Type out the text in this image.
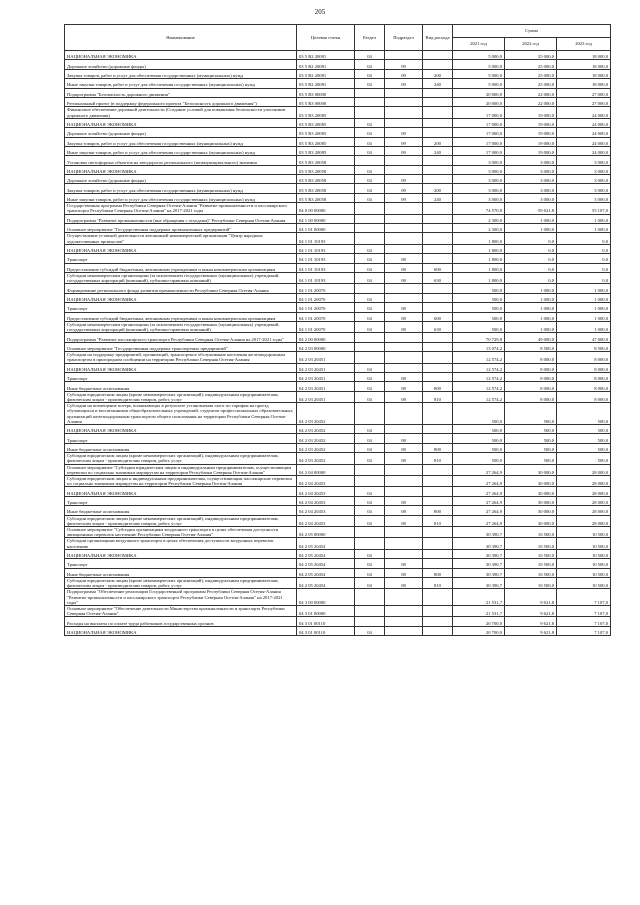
205
Наименование	Целевая статья	Раздел	Подраздел	Вид расхода	Сумма		
					2021 год	2022 год	2023 год
НАЦИОНАЛЬНАЯ ЭКОНОМИКА	03 5 R2 20081	04			5 000,0	25 000,0	18 000,0
Дорожное хозяйство (дорожные фонды)	03 5 R2 20081	04	09		5 000,0	25 000,0	18 000,0
Закупка товаров, работ и услуг для обеспечения государственных (муниципальных) нужд	03 5 R2 20081	04	09	200	5 000,0	25 000,0	18 000,0
Иные закупки товаров, работ и услуг для обеспечения государственных (муниципальных) нужд	03 5 R2 20081	04	09	240	5 000,0	25 000,0	18 000,0
Подпрограмма "Безопасность дорожного движения"	03 5 R3 00000				20 000,0	22 000,0	27 000,0
Региональный проект (в поддержку федерального проекта "Безопасность дорожного движения")	03 5 R3 00000				20 000,0	22 000,0	27 000,0
Финансовое обеспечение дорожной деятельности (Создание условий для повышения безопасности участников дорожного движения)	03 5 R3 20085				17 000,0	19 000,0	24 000,0
НАЦИОНАЛЬНАЯ ЭКОНОМИКА	03 5 R3 20085	04			17 000,0	19 000,0	24 000,0
Дорожное хозяйство (дорожные фонды)	03 5 R3 20085	04	09		17 000,0	19 000,0	24 000,0
Закупка товаров, работ и услуг для обеспечения государственных (муниципальных) нужд	03 5 R3 20085	04	09	200	17 000,0	19 000,0	24 000,0
Иные закупки товаров, работ и услуг для обеспечения государственных (муниципальных) нужд	03 5 R3 20085	04	09	240	17 000,0	19 000,0	24 000,0
Установка светофорных объектов на автодорогах регионального (межмуниципального) значения	03 5 R3 20058				3 000,0	3 000,0	3 000,0
НАЦИОНАЛЬНАЯ ЭКОНОМИКА	03 5 R3 20058	04			3 000,0	3 000,0	3 000,0
Дорожное хозяйство (дорожные фонды)	03 5 R3 20058	04	09		3 000,0	3 000,0	3 000,0
Закупка товаров, работ и услуг для обеспечения государственных (муниципальных) нужд	03 5 R3 20058	04	09	200	3 000,0	3 000,0	3 000,0
Иные закупки товаров, работ и услуг для обеспечения государственных (муниципальных) нужд	03 5 R3 20058	04	09	240	3 000,0	3 000,0	3 000,0
Государственная программа Республики Северная Осетия-Алания "Развитие промышленности и пассажирского транспорта Республики Северная Осетия-Алания" на 2017-2021 годы	04 0 00 00000				74 570,8	59 621,8	55 107,0
Подпрограмма "Развитие промышленности (вне обращения с отходами)" Республики Северная Осетия-Алания	04 1 00 00000				2 300,0	1 000,0	1 000,0
Основное мероприятие "Государственная поддержка промышленных предприятий"	04 1 01 00000				2 300,0	1 000,0	1 000,0
Осуществление уставной деятельности автономной некоммерческой организации "Центр народных художественных промыслов"	04 1 01 10193				1 800,0	0,0	0,0
НАЦИОНАЛЬНАЯ ЭКОНОМИКА	04 1 01 10193	04			1 800,0	0,0	0,0
Транспорт	04 1 01 10193	04	08		1 800,0	0,0	0,0
Предоставление субсидий бюджетным, автономным учреждениям и иным некоммерческим организациям	04 1 01 10193	04	08	600	1 800,0	0,0	0,0
Субсидии некоммерческим организациям (за исключением государственных (муниципальных) учреждений, государственных корпораций (компаний), публично-правовых компаний)	04 1 01 10193	04	08	630	1 800,0	0,0	0,0
Формирование регионального фонда развития промышленности Республики Северная Осетия-Алания	04 1 01 20070				500,0	1 000,0	1 000,0
НАЦИОНАЛЬНАЯ ЭКОНОМИКА	04 1 01 20070	04			500,0	1 000,0	1 000,0
Транспорт	04 1 01 20070	04	08		500,0	1 000,0	1 000,0
Предоставление субсидий бюджетным, автономным учреждениям и иным некоммерческим организациям	04 1 01 20070	04	08	600	500,0	1 000,0	1 000,0
Субсидии некоммерческим организациям (за исключением государственных (муниципальных) учреждений, государственных корпораций (компаний), публично-правовых компаний)	04 1 01 20070	04	08	630	500,0	1 000,0	1 000,0
Подпрограмма "Развитие пассажирского транспорта Республики Северная Осетия-Алания на 2017-2021 годы"	04 2 00 00000				70 729,8	49 000,0	47 000,0
Основное мероприятие "Государственная поддержка транспортных предприятий"	04 2 03 00000				13 074,2	8 500,0	8 500,0
Субсидии на поддержку предприятий, организаций, транспортное обслуживание населения железнодорожным транспортом в пригородном сообщении на территории Республики Северная Осетия-Алания	04 2 03 20451				12 574,2	8 000,0	8 000,0
НАЦИОНАЛЬНАЯ ЭКОНОМИКА	04 2 03 20451	04			12 574,2	8 000,0	8 000,0
Транспорт	04 2 03 20451	04	08		12 574,2	8 000,0	8 000,0
Иные бюджетные ассигнования	04 2 03 20451	04	08	800	12 574,2	8 000,0	8 000,0
Субсидии юридическим лицам (кроме некоммерческих организаций), индивидуальным предпринимателям, физическим лицам - производителям товаров, работ, услуг	04 2 03 20451	04	08	810	12 574,2	8 000,0	8 000,0
Субсидии на возмещение потерь, возникающих в результате установления льгот по тарифам на проезд обучающихся и воспитанников общеобразовательных учреждений, студентов профессиональных образовательных организаций железнодорожным транспортом общего пользования на территории Республики Северная Осетия-Алания	04 2 03 20452				500,0	500,0	500,0
НАЦИОНАЛЬНАЯ ЭКОНОМИКА	04 2 03 20452	04			500,0	500,0	500,0
Транспорт	04 2 03 20452	04	08		500,0	500,0	500,0
Иные бюджетные ассигнования	04 2 03 20452	04	08	800	500,0	500,0	500,0
Субсидии юридическим лицам (кроме некоммерческих организаций), индивидуальным предпринимателям, физическим лицам - производителям товаров, работ, услуг	04 2 03 20452	04	08	810	500,0	500,0	500,0
Основное мероприятие "Субсидии юридическим лицам и индивидуальным предпринимателям, осуществляющим перевозки по социально значимым маршрутам на территории Республики Северная Осетия-Алания"	04 2 04 00000				27 264,9	30 000,0	28 000,0
Субсидии юридическим лицам и индивидуальным предпринимателям, осуществляющим пассажирские перевозки по социально значимым маршрутам на территории Республики Северная Осетия-Алания	04 2 04 20453				27 264,9	30 000,0	28 000,0
НАЦИОНАЛЬНАЯ ЭКОНОМИКА	04 2 04 20453	04			27 264,9	30 000,0	28 000,0
Транспорт	04 2 04 20453	04	08		27 264,9	30 000,0	28 000,0
Иные бюджетные ассигнования	04 2 04 20453	04	08	800	27 264,9	30 000,0	28 000,0
Субсидии юридическим лицам (кроме некоммерческих организаций), индивидуальным предпринимателям, физическим лицам - производителям товаров, работ, услуг	04 2 04 20453	04	08	810	27 264,9	30 000,0	28 000,0
Основное мероприятие "Субсидии организациям воздушного транспорта в целях обеспечения доступности авиационных перевозок населению Республики Северная Осетия-Алания"	04 2 05 00000				30 390,7	10 500,0	10 500,0
Субсидии организациям воздушного транспорта в целях обеспечения доступности воздушных перевозок населению	04 2 05 20454				30 390,7	10 500,0	10 500,0
НАЦИОНАЛЬНАЯ ЭКОНОМИКА	04 2 05 20454	04			30 390,7	10 500,0	10 500,0
Транспорт	04 2 05 20454	04	08		30 390,7	10 500,0	10 500,0
Иные бюджетные ассигнования	04 2 05 20454	04	08	800	30 390,7	10 500,0	10 500,0
Субсидии юридическим лицам (кроме некоммерческих организаций), индивидуальным предпринимателям, физическим лицам - производителям товаров, работ, услуг	04 2 05 20454	04	08	810	30 390,7	10 500,0	10 500,0
Подпрограмма "Обеспечение реализации Государственной программы Республики Северная Осетия-Алания "Развитие промышленности и пассажирского транспорта Республики Северная Осетия-Алания" на 2017-2021 годы"	04 3 00 00000				21 531,7	9 621,8	7 107,0
Основное мероприятие "Обеспечение деятельности Министерства промышленности и транспорта Республики Северная Осетия-Алания"	04 3 01 00000				21 531,7	9 621,8	7 107,0
Расходы на выплаты по оплате труда работников государственных органов	04 3 01 00110				20 700,0	9 621,8	7 107,0
НАЦИОНАЛЬНАЯ ЭКОНОМИКА	04 3 01 00110	04			20 700,0	9 621,8	7 107,0
